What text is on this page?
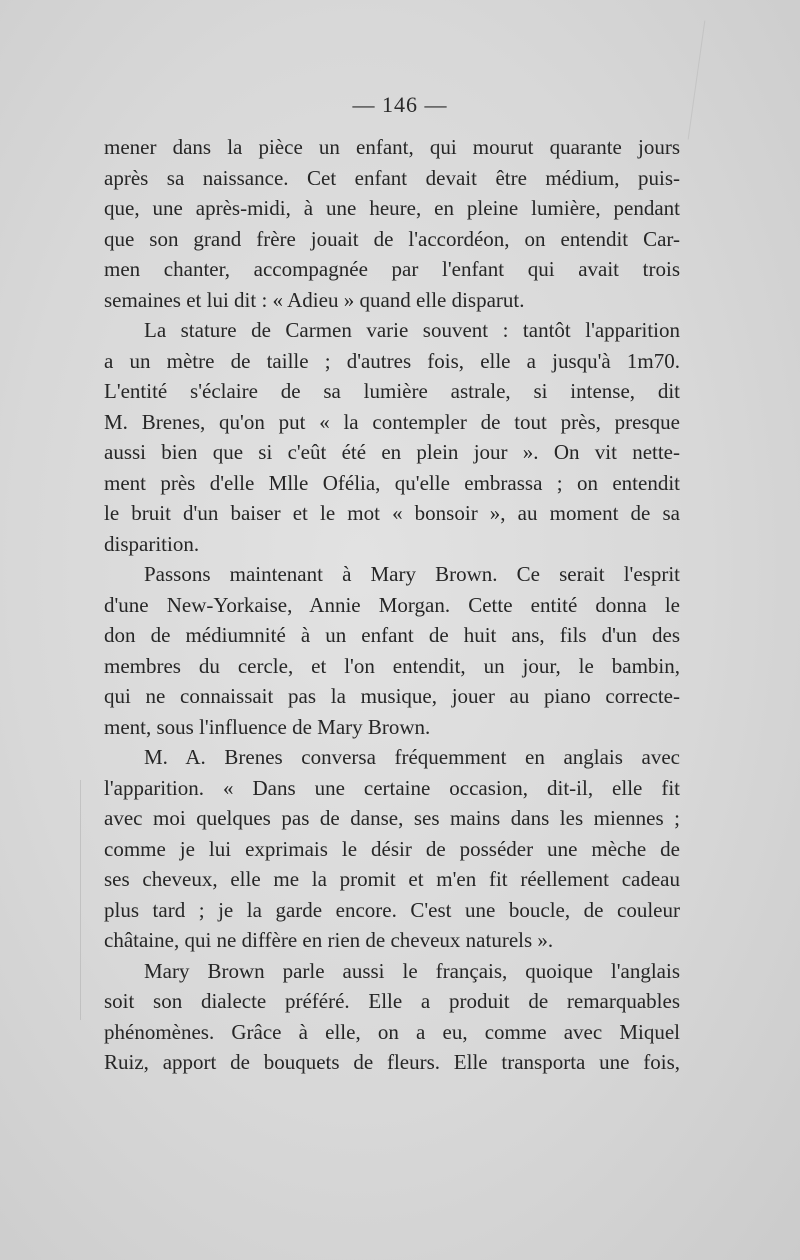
— 146 —
mener dans la pièce un enfant, qui mourut quarante jours
après sa naissance. Cet enfant devait être médium, puis-
que, une après-midi, à une heure, en pleine lumière, pendant
que son grand frère jouait de l'accordéon, on entendit Car-
men chanter, accompagnée par l'enfant qui avait trois
semaines et lui dit : « Adieu » quand elle disparut.
La stature de Carmen varie souvent : tantôt l'apparition
a un mètre de taille ; d'autres fois, elle a jusqu'à 1m70.
L'entité s'éclaire de sa lumière astrale, si intense, dit
M. Brenes, qu'on put « la contempler de tout près, presque
aussi bien que si c'eût été en plein jour ». On vit nette-
ment près d'elle Mlle Ofélia, qu'elle embrassa ; on entendit
le bruit d'un baiser et le mot « bonsoir », au moment de sa
disparition.
Passons maintenant à Mary Brown. Ce serait l'esprit
d'une New-Yorkaise, Annie Morgan. Cette entité donna le
don de médiumnité à un enfant de huit ans, fils d'un des
membres du cercle, et l'on entendit, un jour, le bambin,
qui ne connaissait pas la musique, jouer au piano correcte-
ment, sous l'influence de Mary Brown.
M. A. Brenes conversa fréquemment en anglais avec
l'apparition. « Dans une certaine occasion, dit-il, elle fit
avec moi quelques pas de danse, ses mains dans les miennes ;
comme je lui exprimais le désir de posséder une mèche de
ses cheveux, elle me la promit et m'en fit réellement cadeau
plus tard ; je la garde encore. C'est une boucle, de couleur
châtaine, qui ne diffère en rien de cheveux naturels ».
Mary Brown parle aussi le français, quoique l'anglais
soit son dialecte préféré. Elle a produit de remarquables
phénomènes. Grâce à elle, on a eu, comme avec Miquel
Ruiz, apport de bouquets de fleurs. Elle transporta une fois,
